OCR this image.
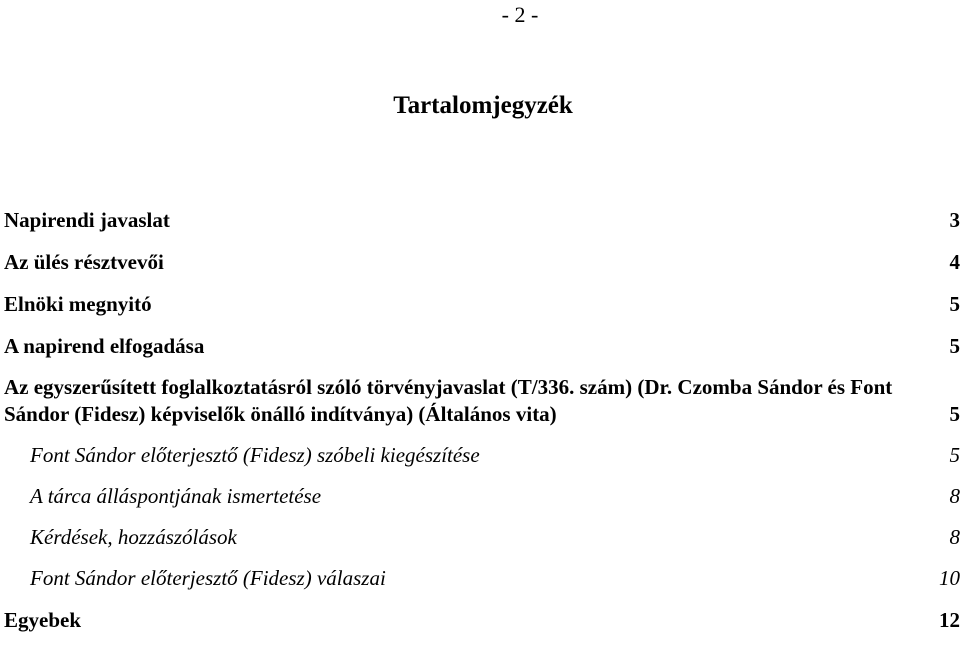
- 2 -
Tartalomjegyzék
Napirendi javaslat	3
Az ülés résztvevői	4
Elnöki megnyitó	5
A napirend elfogadása	5
Az egyszerűsített foglalkoztatásról szóló törvényjavaslat (T/336. szám) (Dr. Czomba Sándor és Font Sándor (Fidesz) képviselők önálló indítványa) (Általános vita)	5
Font Sándor előterjesztő (Fidesz) szóbeli kiegészítése	5
A tárca álláspontjának ismertetése	8
Kérdések, hozzászólások	8
Font Sándor előterjesztő (Fidesz) válaszai	10
Egyebek	12
